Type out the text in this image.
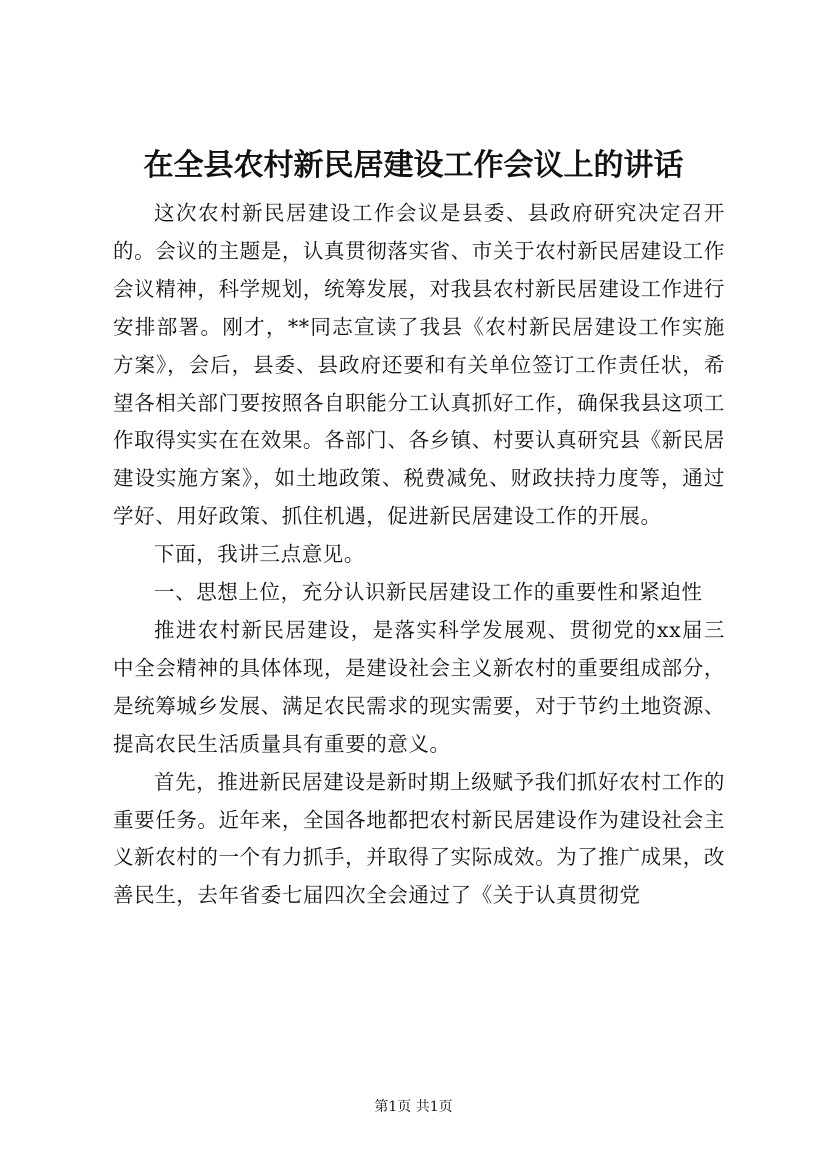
在全县农村新民居建设工作会议上的讲话

这次农村新民居建设工作会议是县委、县政府研究决定召开的。会议的主题是，认真贯彻落实省、市关于农村新民居建设工作会议精神，科学规划，统筹发展，对我县农村新民居建设工作进行安排部署。刚才，**同志宣读了我县《农村新民居建设工作实施方案》，会后，县委、县政府还要和有关单位签订工作责任状，希望各相关部门要按照各自职能分工认真抓好工作，确保我县这项工作取得实实在在效果。各部门、各乡镇、村要认真研究县《新民居建设实施方案》，如土地政策、税费减免、财政扶持力度等，通过学好、用好政策、抓住机遇，促进新民居建设工作的开展。

下面，我讲三点意见。

一、思想上位，充分认识新民居建设工作的重要性和紧迫性

推进农村新民居建设，是落实科学发展观、贯彻党的xx届三中全会精神的具体体现，是建设社会主义新农村的重要组成部分，是统筹城乡发展、满足农民需求的现实需要，对于节约土地资源、提高农民生活质量具有重要的意义。

首先，推进新民居建设是新时期上级赋予我们抓好农村工作的重要任务。近年来，全国各地都把农村新民居建设作为建设社会主义新农村的一个有力抓手，并取得了实际成效。为了推广成果，改善民生，去年省委七届四次全会通过了《关于认真贯彻党

第1页 共1页
